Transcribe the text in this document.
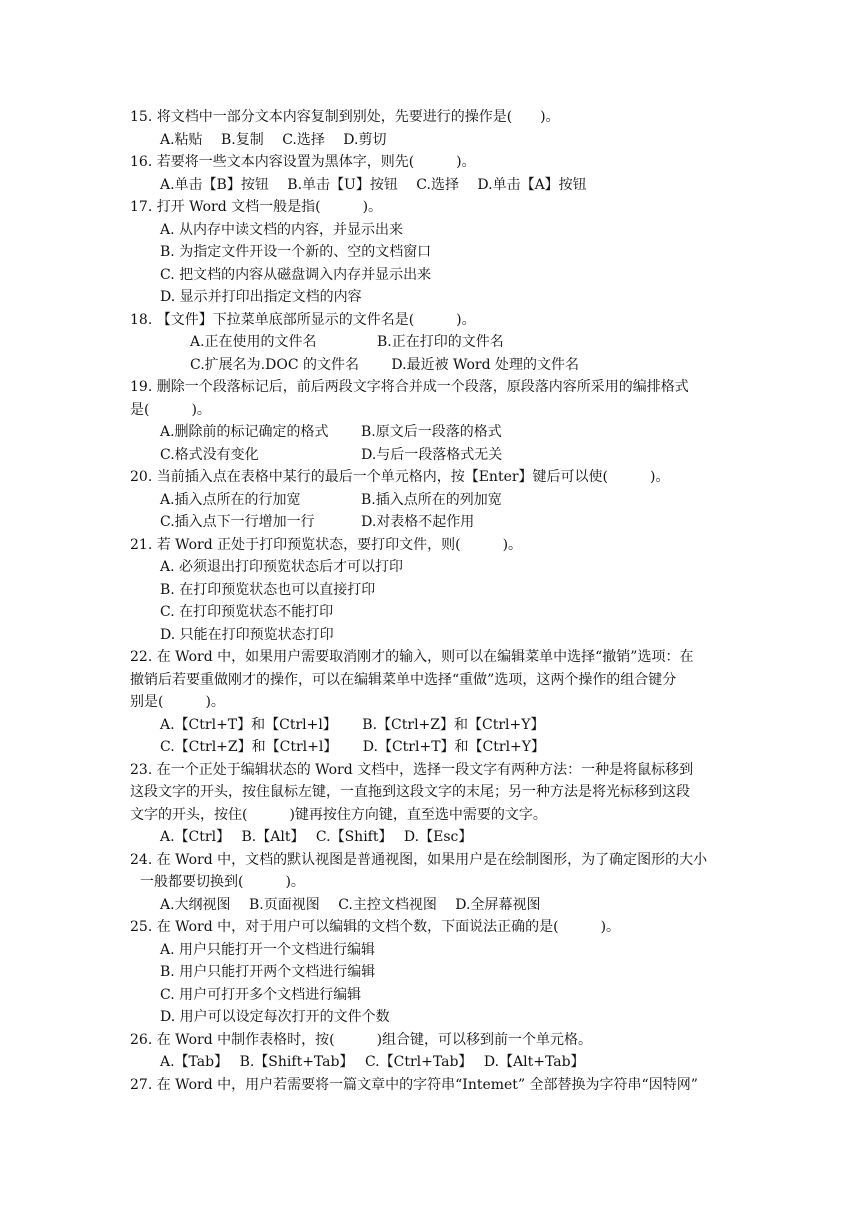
15. 将文档中一部分文本内容复制到别处，先要进行的操作是(　　)。
A.粘贴　 B.复制　 C.选择　 D.剪切
16. 若要将一些文本内容设置为黑体字，则先(　　　)。
A.单击【B】按钮　 B.单击【U】按钮　 C.选择　 D.单击【A】按钮
17. 打开 Word 文档一般是指(　　　)。
A. 从内存中读文档的内容，并显示出来
B. 为指定文件开设一个新的、空的文档窗口
C. 把文档的内容从磁盘调入内存并显示出来
D. 显示并打印出指定文档的内容
18. 【文件】下拉菜单底部所显示的文件名是(　　　)。
A.正在使用的文件名　　　　 B.正在打印的文件名
C.扩展名为.DOC 的文件名　　 D.最近被 Word 处理的文件名
19. 删除一个段落标记后，前后两段文字将合并成一个段落，原段落内容所采用的编排格式
是(　　　)。
A.删除前的标记确定的格式　　 B.原文后一段落的格式
C.格式没有变化　　　　　　　 D.与后一段落格式无关
20. 当前插入点在表格中某行的最后一个单元格内，按【Enter】键后可以使(　　　)。
A.插入点所在的行加宽　　　　 B.插入点所在的列加宽
C.插入点下一行增加一行　　　 D.对表格不起作用
21. 若 Word 正处于打印预览状态，要打印文件，则(　　　)。
A. 必须退出打印预览状态后才可以打印
B. 在打印预览状态也可以直接打印
C. 在打印预览状态不能打印
D. 只能在打印预览状态打印
22. 在 Word 中，如果用户需要取消刚才的输入，则可以在编辑菜单中选择“撤销”选项：在
撤销后若要重做刚才的操作，可以在编辑菜单中选择“重做”选项，这两个操作的组合键分
别是(　　　)。
A.【Ctrl+T】和【Ctrl+l】　　 B.【Ctrl+Z】和【Ctrl+Y】
C.【Ctrl+Z】和【Ctrl+l】　　 D.【Ctrl+T】和【Ctrl+Y】
23. 在一个正处于编辑状态的 Word 文档中，选择一段文字有两种方法：一种是将鼠标移到
这段文字的开头，按住鼠标左键，一直拖到这段文字的末尾；另一种方法是将光标移到这段
文字的开头，按住(　　　)键再按住方向键，直至选中需要的文字。
A.【Ctrl】　 B.【Alt】　 C.【Shift】　 D.【Esc】
24. 在 Word 中，文档的默认视图是普通视图，如果用户是在绘制图形，为了确定图形的大小
一般都要切换到(　　　)。
A.大纲视图　 B.页面视图　 C.主控文档视图　 D.全屏幕视图
25. 在 Word 中，对于用户可以编辑的文档个数，下面说法正确的是(　　　)。
A. 用户只能打开一个文档进行编辑
B. 用户只能打开两个文档进行编辑
C. 用户可打开多个文档进行编辑
D. 用户可以设定每次打开的文件个数
26. 在 Word 中制作表格时，按(　　　)组合键，可以移到前一个单元格。
A.【Tab】　 B.【Shift+Tab】　 C.【Ctrl+Tab】　 D.【Alt+Tab】
27. 在 Word 中，用户若需要将一篇文章中的字符串“Intemet” 全部替换为字符串“因特网”
